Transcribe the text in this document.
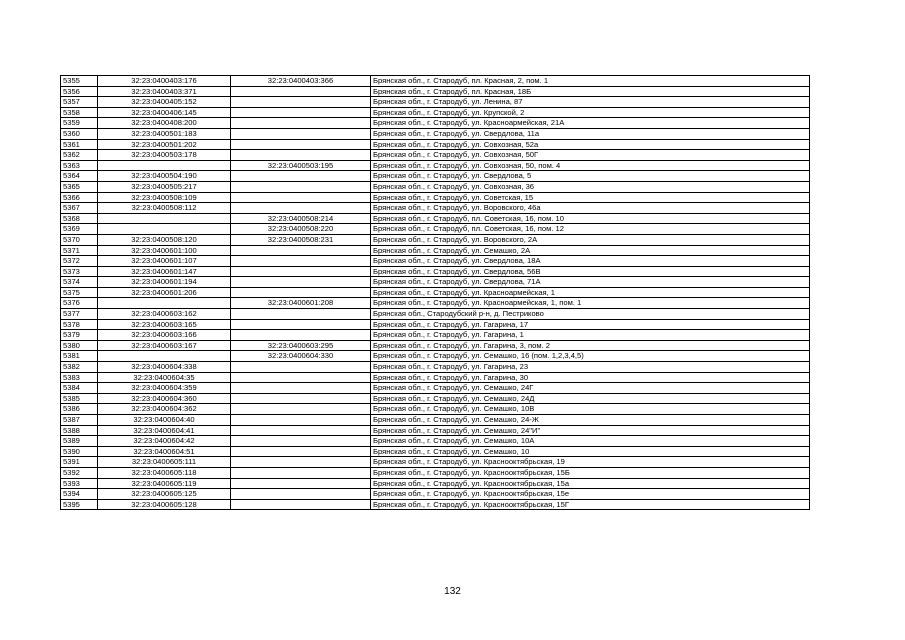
5355	32:23:0400403:176	32:23:0400403:366	Брянская обл., г. Стародуб, пл. Красная, 2, пом. 1
5356	32:23:0400403:371		Брянская обл., г. Стародуб, пл. Красная, 18Б
5357	32:23:0400405:152		Брянская обл., г. Стародуб, ул. Ленина, 87
5358	32:23:0400406:145		Брянская обл., г. Стародуб, ул. Крупской, 2
5359	32:23:0400408:200		Брянская обл., г. Стародуб, ул. Красноармейская, 21А
5360	32:23:0400501:183		Брянская обл., г. Стародуб, ул. Свердлова, 11а
5361	32:23:0400501:202		Брянская обл., г. Стародуб, ул. Совхозная, 52а
5362	32:23:0400503:178		Брянская обл., г. Стародуб, ул. Совхозная, 50Г
5363		32:23:0400503:195	Брянская обл., г. Стародуб, ул. Совхозная, 50, пом. 4
5364	32:23:0400504:190		Брянская обл., г. Стародуб, ул. Свердлова, 5
5365	32:23:0400505:217		Брянская обл., г. Стародуб, ул. Совхозная, 36
5366	32:23:0400508:109		Брянская обл., г. Стародуб, ул. Советская, 15
5367	32:23:0400508:112		Брянская обл., г. Стародуб, ул. Воровского, 46а
5368		32:23:0400508:214	Брянская обл., г. Стародуб, пл. Советская, 16, пом. 10
5369		32:23:0400508:220	Брянская обл., г. Стародуб, пл. Советская, 16, пом. 12
5370	32:23:0400508:120	32:23:0400508:231	Брянская обл., г. Стародуб, ул. Воровского, 2А
5371	32:23:0400601:100		Брянская обл., г. Стародуб, ул. Семашко, 2А
5372	32:23:0400601:107		Брянская обл., г. Стародуб, ул. Свердлова, 18А
5373	32:23:0400601:147		Брянская обл., г. Стародуб, ул. Свердлова, 56В
5374	32:23:0400601:194		Брянская обл., г. Стародуб, ул. Свердлова, 71А
5375	32:23:0400601:206		Брянская обл., г. Стародуб, ул. Красноармейская, 1
5376		32:23:0400601:208	Брянская обл., г. Стародуб, ул. Красноармейская, 1, пом. 1
5377	32:23:0400603:162		Брянская обл., Стародубский р-н, д. Пестриково
5378	32:23:0400603:165		Брянская обл., г. Стародуб, ул. Гагарина, 17
5379	32:23:0400603:166		Брянская обл., г. Стародуб, ул. Гагарина, 1
5380	32:23:0400603:167	32:23:0400603:295	Брянская обл., г. Стародуб, ул. Гагарина, 3, пом. 2
5381		32:23:0400604:330	Брянская обл., г. Стародуб, ул. Семашко, 16 (пом. 1,2,3,4,5)
5382	32:23:0400604:338		Брянская обл., г. Стародуб, ул. Гагарина, 23
5383	32:23:0400604:35		Брянская обл., г. Стародуб, ул. Гагарина, 30
5384	32:23:0400604:359		Брянская обл., г. Стародуб, ул. Семашко, 24Г
5385	32:23:0400604:360		Брянская обл., г. Стародуб, ул. Семашко, 24Д
5386	32:23:0400604:362		Брянская обл., г. Стародуб, ул. Семашко, 10В
5387	32:23:0400604:40		Брянская обл., г. Стародуб, ул. Семашко, 24-Ж
5388	32:23:0400604:41		Брянская обл., г. Стародуб, ул. Семашко, 24"И"
5389	32:23:0400604:42		Брянская обл., г. Стародуб, ул. Семашко, 10А
5390	32:23:0400604:51		Брянская обл., г. Стародуб, ул. Семашко, 10
5391	32:23:0400605:111		Брянская обл., г. Стародуб, ул. Краснооктябрьская, 19
5392	32:23:0400605:118		Брянская обл., г. Стародуб, ул. Краснооктябрьская, 15Б
5393	32:23:0400605:119		Брянская обл., г. Стародуб, ул. Краснооктябрьская, 15а
5394	32:23:0400605:125		Брянская обл., г. Стародуб, ул. Краснооктябрьская, 15е
5395	32:23:0400605:128		Брянская обл., г. Стародуб, ул. Краснооктябрьская, 15Г
132
